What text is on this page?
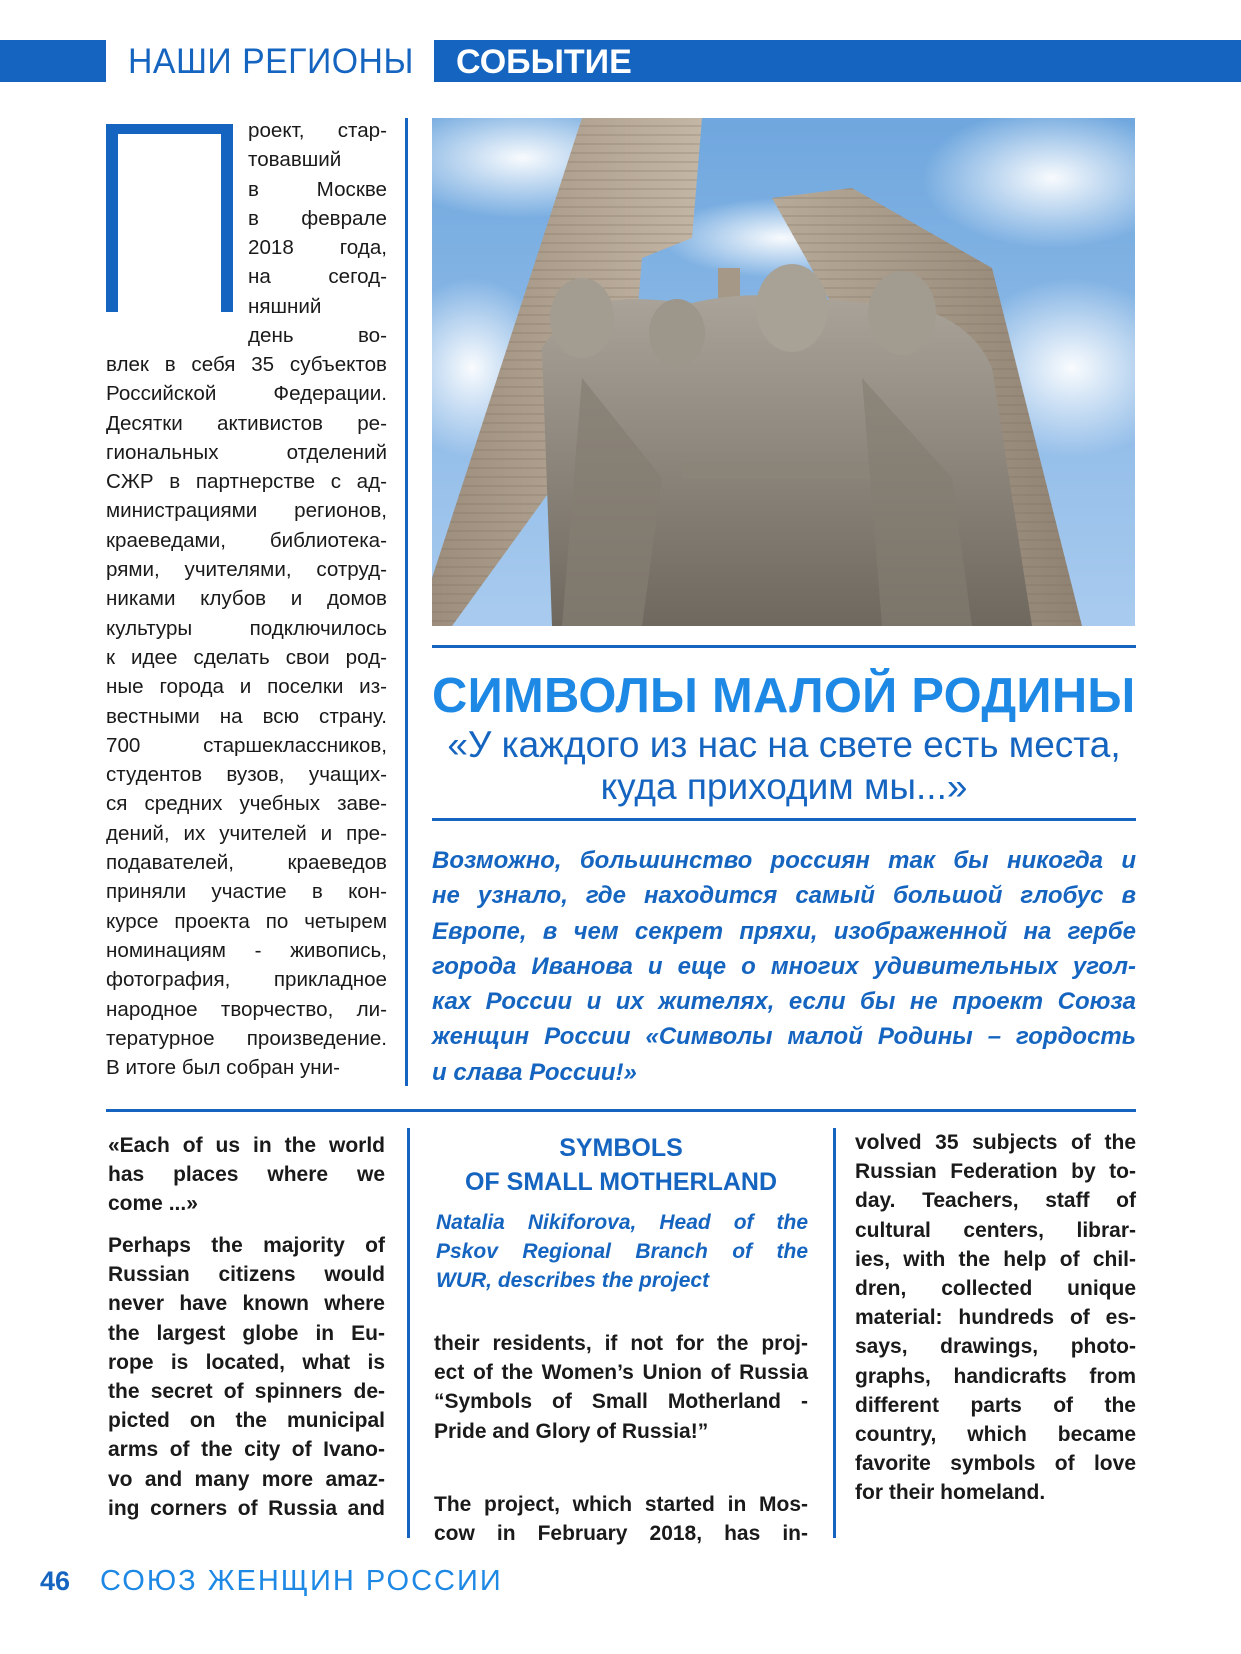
НАШИ РЕГИОНЫ СОБЫТИЕ
роект, стар-
товавший
в Москве
в феврале
2018 года,
на сегод-
няшний
день во-
влек в себя 35 субъектов
Российской Федерации.
Десятки активистов ре-
гиональных отделений
СЖР в партнерстве с ад-
министрациями регионов,
краеведами, библиотека-
рями, учителями, сотруд-
никами клубов и домов
культуры подключилось
к идее сделать свои род-
ные города и поселки из-
вестными на всю страну.
700 старшеклассников,
студентов вузов, учащих-
ся средних учебных заве-
дений, их учителей и пре-
подавателей, краеведов
приняли участие в кон-
курсе проекта по четырем
номинациям - живопись,
фотография, прикладное
народное творчество, ли-
тературное произведение.
В итоге был собран уни-
СИМВОЛЫ МАЛОЙ РОДИНЫ
«У каждого из нас на свете есть места,
куда приходим мы...»
Возможно, большинство россиян так бы никогда и
не узнало, где находится самый большой глобус в
Европе, в чем секрет пряхи, изображенной на гербе
города Иванова и еще о многих удивительных угол-
ках России и их жителях, если бы не проект Союза
женщин России «Символы малой Родины – гордость
и слава России!»
«Each of us in the world
has places where we
come ...»
Perhaps the majority of
Russian citizens would
never have known where
the largest globe in Eu-
rope is located, what is
the secret of spinners de-
picted on the municipal
arms of the city of Ivano-
vo and many more amaz-
ing corners of Russia and
SYMBOLS
OF SMALL MOTHERLAND
Natalia Nikiforova, Head of the
Pskov Regional Branch of the
WUR, describes the project
their residents, if not for the proj-
ect of the Women’s Union of Russia
“Symbols of Small Motherland -
Pride and Glory of Russia!”
The project, which started in Mos-
cow in February 2018, has in-
volved 35 subjects of the
Russian Federation by to-
day. Teachers, staff of
cultural centers, librar-
ies, with the help of chil-
dren, collected unique
material: hundreds of es-
says, drawings, photo-
graphs, handicrafts from
different parts of the
country, which became
favorite symbols of love
for their homeland.
46 СОЮЗ ЖЕНЩИН РОССИИ
